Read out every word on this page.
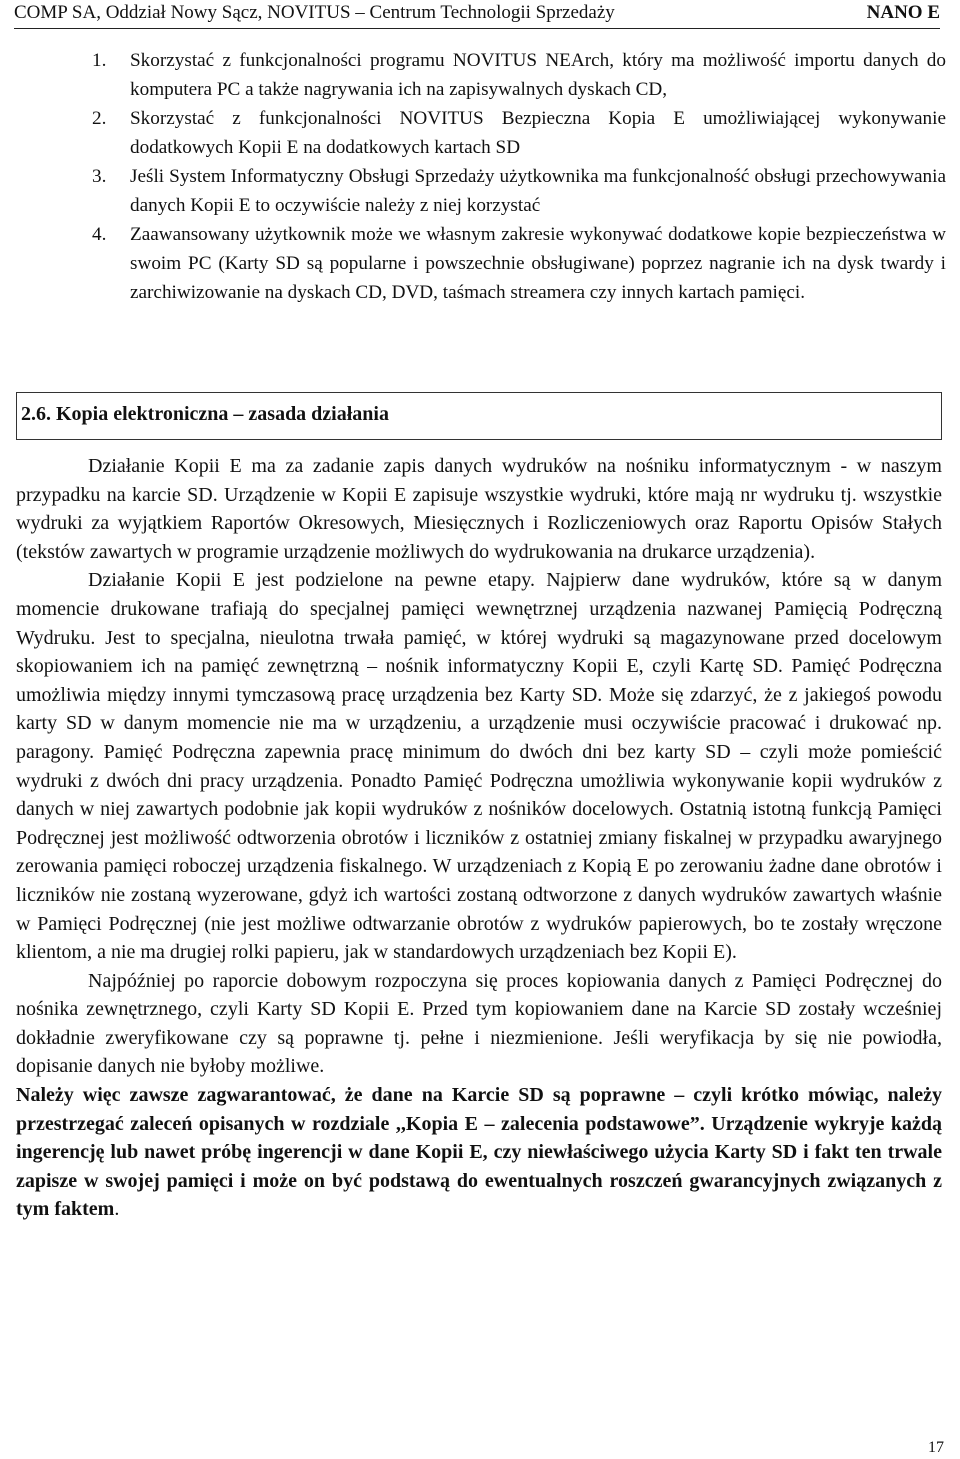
COMP SA, Oddział Nowy Sącz, NOVITUS – Centrum Technologii Sprzedaży	NANO E
1. Skorzystać z funkcjonalności programu NOVITUS NEArch, który ma możliwość importu danych do komputera PC a także nagrywania ich na zapisywalnych dyskach CD,
2. Skorzystać z funkcjonalności NOVITUS Bezpieczna Kopia E umożliwiającej wykonywanie dodatkowych Kopii E na dodatkowych kartach SD
3. Jeśli System Informatyczny Obsługi Sprzedaży użytkownika ma funkcjonalność obsługi przechowywania danych Kopii E to oczywiście należy z niej korzystać
4. Zaawansowany użytkownik może we własnym zakresie wykonywać dodatkowe kopie bezpieczeństwa w swoim PC (Karty SD są popularne i powszechnie obsługiwane) poprzez nagranie ich na dysk twardy i zarchiwizowanie na dyskach CD, DVD, taśmach streamera czy innych kartach pamięci.
2.6. Kopia elektroniczna – zasada działania

Działanie Kopii E ma za zadanie zapis danych wydruków na nośniku informatycznym - w naszym przypadku na karcie SD. Urządzenie w Kopii E zapisuje wszystkie wydruki, które mają nr wydruku tj. wszystkie wydruki za wyjątkiem Raportów Okresowych, Miesięcznych i Rozliczeniowych oraz Raportu Opisów Stałych (tekstów zawartych w programie urządzenie możliwych do wydrukowania na drukarce urządzenia).

Działanie Kopii E jest podzielone na pewne etapy. Najpierw dane wydruków, które są w danym momencie drukowane trafiają do specjalnej pamięci wewnętrznej urządzenia nazwanej Pamięcią Podręczną Wydruku. Jest to specjalna, nieulotna trwała pamięć, w której wydruki są magazynowane przed docelowym skopiowaniem ich na pamięć zewnętrzną – nośnik informatyczny Kopii E, czyli Kartę SD. Pamięć Podręczna umożliwia między innymi tymczasową pracę urządzenia bez Karty SD. Może się zdarzyć, że z jakiegoś powodu karty SD w danym momencie nie ma w urządzeniu, a urządzenie musi oczywiście pracować i drukować np. paragony. Pamięć Podręczna zapewnia pracę minimum do dwóch dni bez karty SD – czyli może pomieścić wydruki z dwóch dni pracy urządzenia. Ponadto Pamięć Podręczna umożliwia wykonywanie kopii wydruków z danych w niej zawartych podobnie jak kopii wydruków z nośników docelowych. Ostatnią istotną funkcją Pamięci Podręcznej jest możliwość odtworzenia obrotów i liczników z ostatniej zmiany fiskalnej w przypadku awaryjnego zerowania pamięci roboczej urządzenia fiskalnego. W urządzeniach z Kopią E po zerowaniu żadne dane obrotów i liczników nie zostaną wyzerowane, gdyż ich wartości zostaną odtworzone z danych wydruków zawartych właśnie w Pamięci Podręcznej (nie jest możliwe odtwarzanie obrotów z wydruków papierowych, bo te zostały wręczone klientom, a nie ma drugiej rolki papieru, jak w standardowych urządzeniach bez Kopii E).

Najpóźniej po raporcie dobowym rozpoczyna się proces kopiowania danych z Pamięci Podręcznej do nośnika zewnętrznego, czyli Karty SD Kopii E. Przed tym kopiowaniem dane na Karcie SD zostały wcześniej dokładnie zweryfikowane czy są poprawne tj. pełne i niezmienione. Jeśli weryfikacja by się nie powiodła, dopisanie danych nie byłoby możliwe.

Należy więc zawsze zagwarantować, że dane na Karcie SD są poprawne – czyli krótko mówiąc, należy przestrzegać zaleceń opisanych w rozdziale ,,Kopia E – zalecenia podstawowe”. Urządzenie wykryje każdą ingerencję lub nawet próbę ingerencji w dane Kopii E, czy niewłaściwego użycia Karty SD i fakt ten trwale zapisze w swojej pamięci i może on być podstawą do ewentualnych roszczeń gwarancyjnych związanych z tym faktem.

17
